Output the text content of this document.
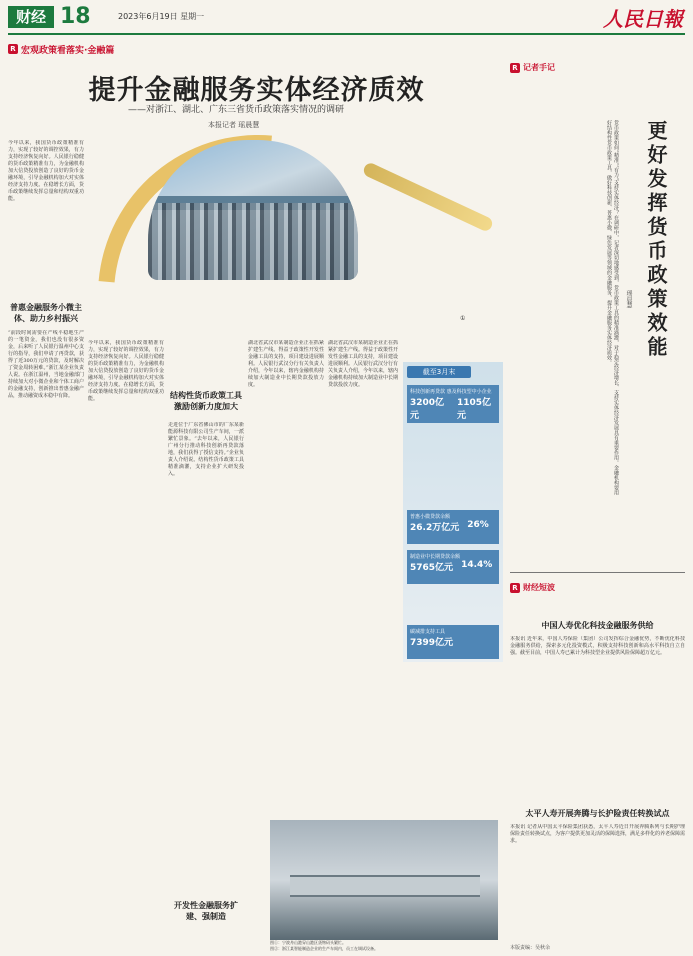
财经 18	2023年6月19日 星期一	人民日報
R 宏观政策看落实·金融篇
提升金融服务实体经济质效
——对浙江、湖北、广东三省货币政策落实情况的调研
本报记者 瑶晨慧
①

今年以来，我国货币政策精准有力，实现了较好的调控效果，有力支持经济恢复向好。人民银行稳健的货币政策精准有力，为金融机构加大信贷投放创造了良好的货币金融环境，引导金融机构加大对实体经济支持力度。在稳增长方面，货币政策继续发挥总量和结构双重功能。

普惠金融服务小微主体、助力乡村振兴

“前段时间需要在产线平稳地生产的一笔资金，我们也没有很多资金，后来听了人民银行温州中心支行的指导，我们申请了再贷款，获得了近300万元的贷款，及时解决了资金周转困难。”浙江某企业负责人说。在浙江温州，当地金融部门持续加大对小微企业和个体工商户的金融支持，创新推出普惠金融产品，推动融资成本稳中有降。

今年以来，我国货币政策精准有力，实现了较好的调控效果，有力支持经济恢复向好。人民银行稳健的货币政策精准有力，为金融机构加大信贷投放创造了良好的货币金融环境，引导金融机构加大对实体经济支持力度。在稳增长方面，货币政策继续发挥总量和结构双重功能。	结构性货币政策工具激励创新力度加大

走进位于广东省佛山市的广东某新能源科技有限公司生产车间，一派繁忙景象。“去年以来，人民银行广州分行推动科技创新再贷款落地，我们获得了授信支持。”企业负责人介绍说。结构性货币政策工具精准滴灌，支持企业扩大研发投入。

开发性金融服务扩建、强制造

湖北省武汉市某制造企业正在抓紧扩建生产线。得益于政策性开发性金融工具的支持，项目建设进展顺利。人民银行武汉分行有关负责人介绍，今年以来，辖内金融机构持续加大制造业中长期贷款投放力度。

湖北省武汉市某制造企业正在抓紧扩建生产线。得益于政策性开发性金融工具的支持，项目建设进展顺利。人民银行武汉分行有关负责人介绍，今年以来，辖内金融机构持续加大制造业中长期贷款投放力度。

截至3月末
科技创新再贷款 惠及科技型中小企业
3200亿元
1105亿元
普惠小微贷款余额
26.2万亿元 26%
制造业中长期贷款余额
5765亿元 14.4%
碳减排支持工具
7399亿元

图①：宁波舟山港穿山港区货物码头繁忙。

图②：浙江某智能制造企业的生产车间内，员工在调试设备。

R 记者手记

货币政策如何“精准”“有力”支持实体经济？在调研中，记者深切地感受到，货币政策工具的精准滴灌，对于稳定经济增长、支持实体经济发展具有重要作用。金融机构要用好结构性货币政策工具，做好科技创新、普惠小微、绿色发展等领域的金融服务，提升金融服务实体经济质效。	更好发挥货币政策效能
瑶晨慧
R 财经短波
中国人寿优化科技金融服务供给

本报讯 近年来，中国人寿保险（集团）公司发挥综合金融优势，不断优化科技金融服务供给，探索多元化投资模式，积极支持科技创新和高水平科技自立自强。截至目前，中国人寿已累计为科技型企业提供风险保障超万亿元。

太平人寿开展奔腾与长护险责任转换试点

本报讯 记者从中国太平保险集团获悉，太平人寿近日开展奔腾系列与长期护理保险责任转换试点，为客户提供更加灵活的保障选择，满足多样化的养老保障需求。

本版责编：吴秋余
